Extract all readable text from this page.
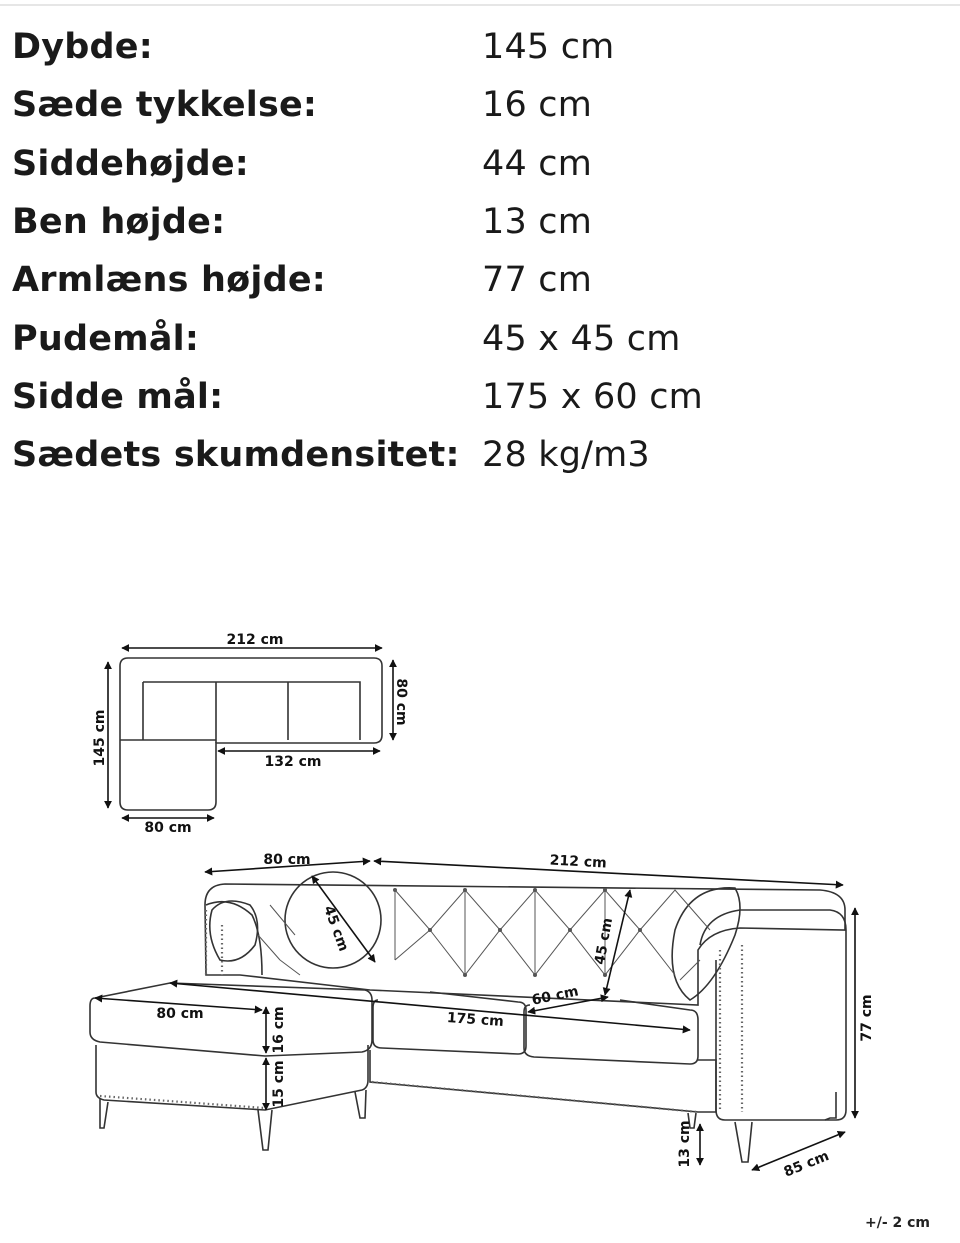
Dybde:	145 cm
Sæde tykkelse:	16 cm
Siddehøjde:	44 cm
Ben højde:	13 cm
Armlæns højde:	77 cm
Pudemål:	45 x 45 cm
Sidde mål:	175 x 60 cm
Sædets skumdensitet: 28 kg/m3
212 cm
145 cm
80 cm
132 cm
80 cm
80 cm	212 cm
45 cm	45 cm
60 cm
80 cm	175 cm
16 cm
15 cm
77 cm
13 cm	85 cm
+/- 2 cm
